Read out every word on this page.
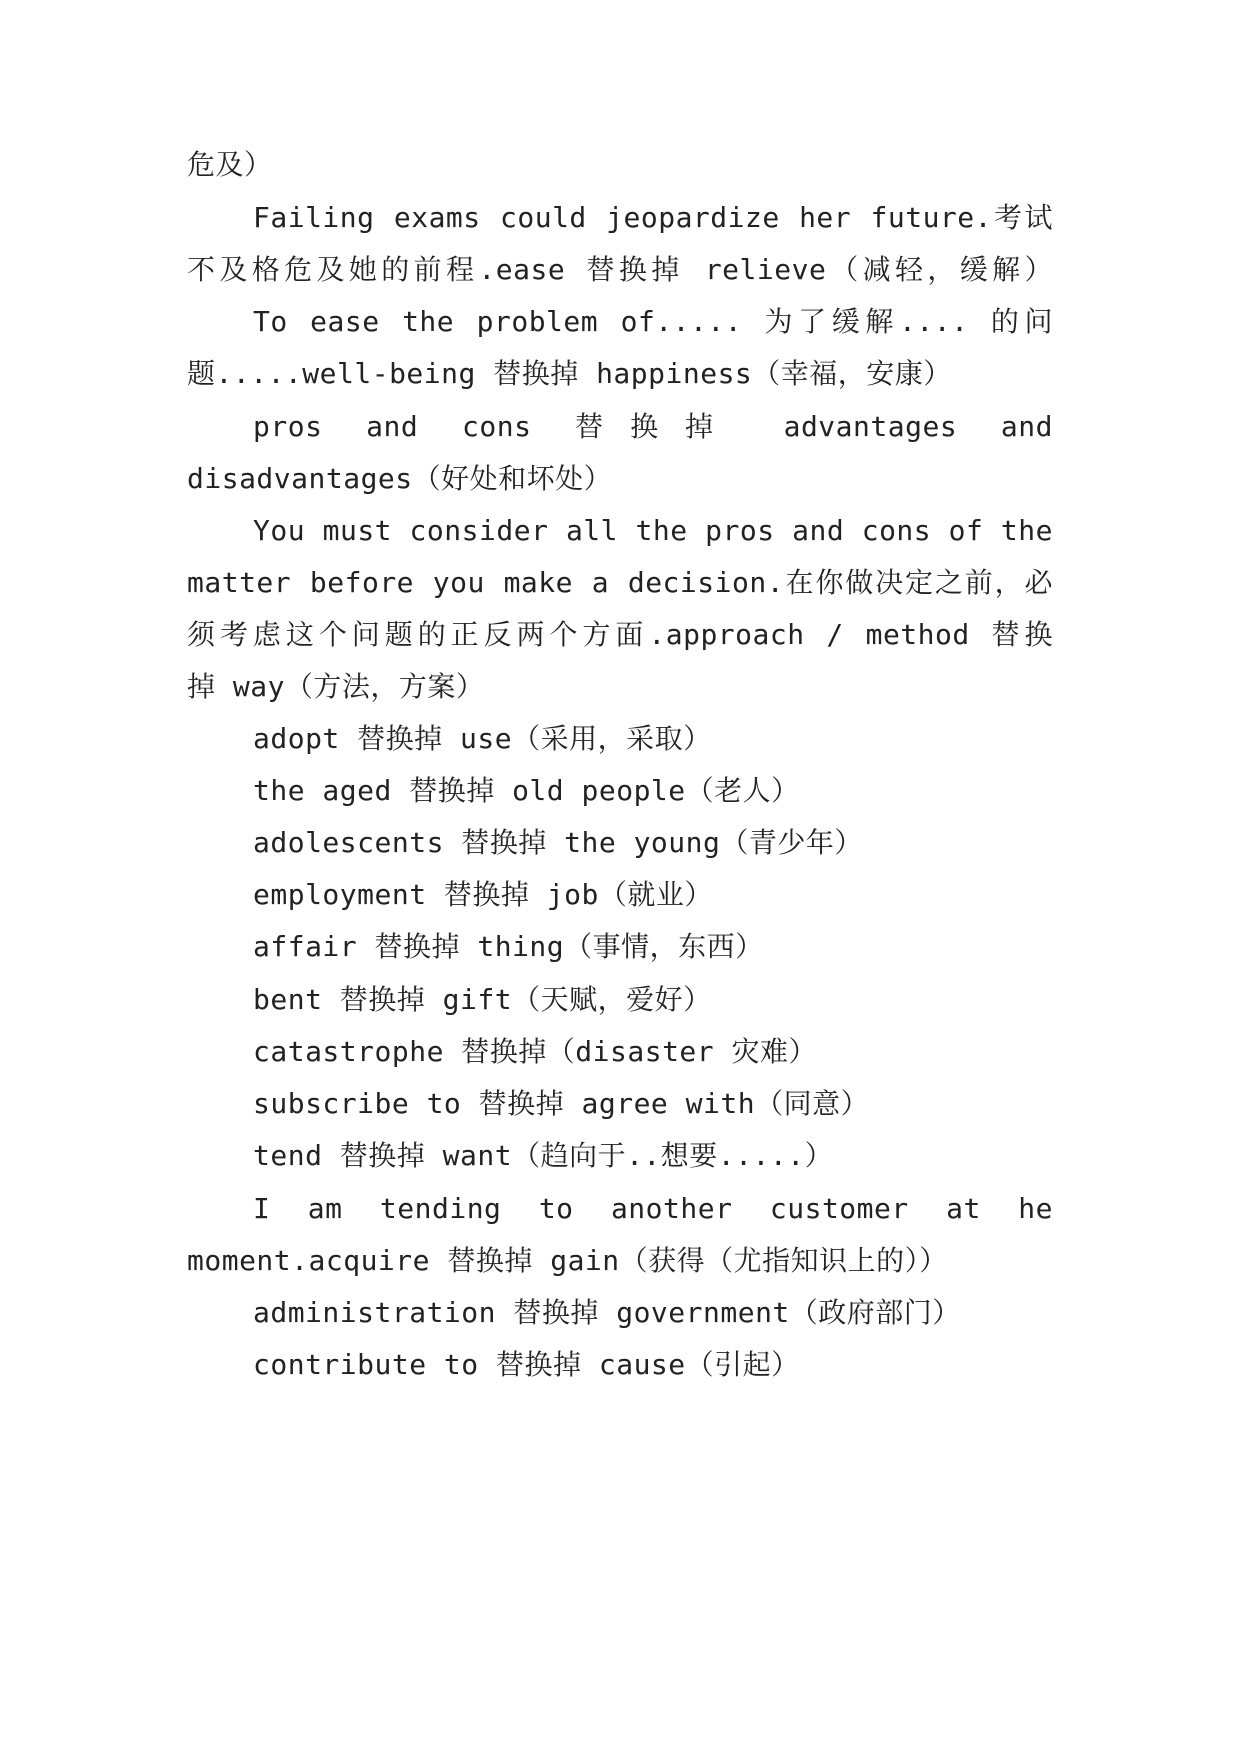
危及）
Failing exams could jeopardize her future.考试
不及格危及她的前程.ease 替换掉 relieve（减轻，缓解）
To ease the problem of..... 为了缓解.... 的问
题.....well-being 替换掉 happiness（幸福，安康）
pros and cons 替换掉 advantages and
disadvantages（好处和坏处）
You must consider all the pros and cons of the
matter before you make a decision.在你做决定之前，必
须考虑这个问题的正反两个方面.approach / method 替换
掉 way（方法，方案）
adopt 替换掉 use（采用，采取）
the aged 替换掉 old people（老人）
adolescents 替换掉 the young（青少年）
employment 替换掉 job（就业）
affair 替换掉 thing（事情，东西）
bent 替换掉 gift（天赋，爱好）
catastrophe 替换掉（disaster 灾难）
subscribe to 替换掉 agree with（同意）
tend 替换掉 want（趋向于..想要.....）
I am tending to another customer at he
moment.acquire 替换掉 gain（获得（尤指知识上的））
administration 替换掉 government（政府部门）
contribute to 替换掉 cause（引起）
